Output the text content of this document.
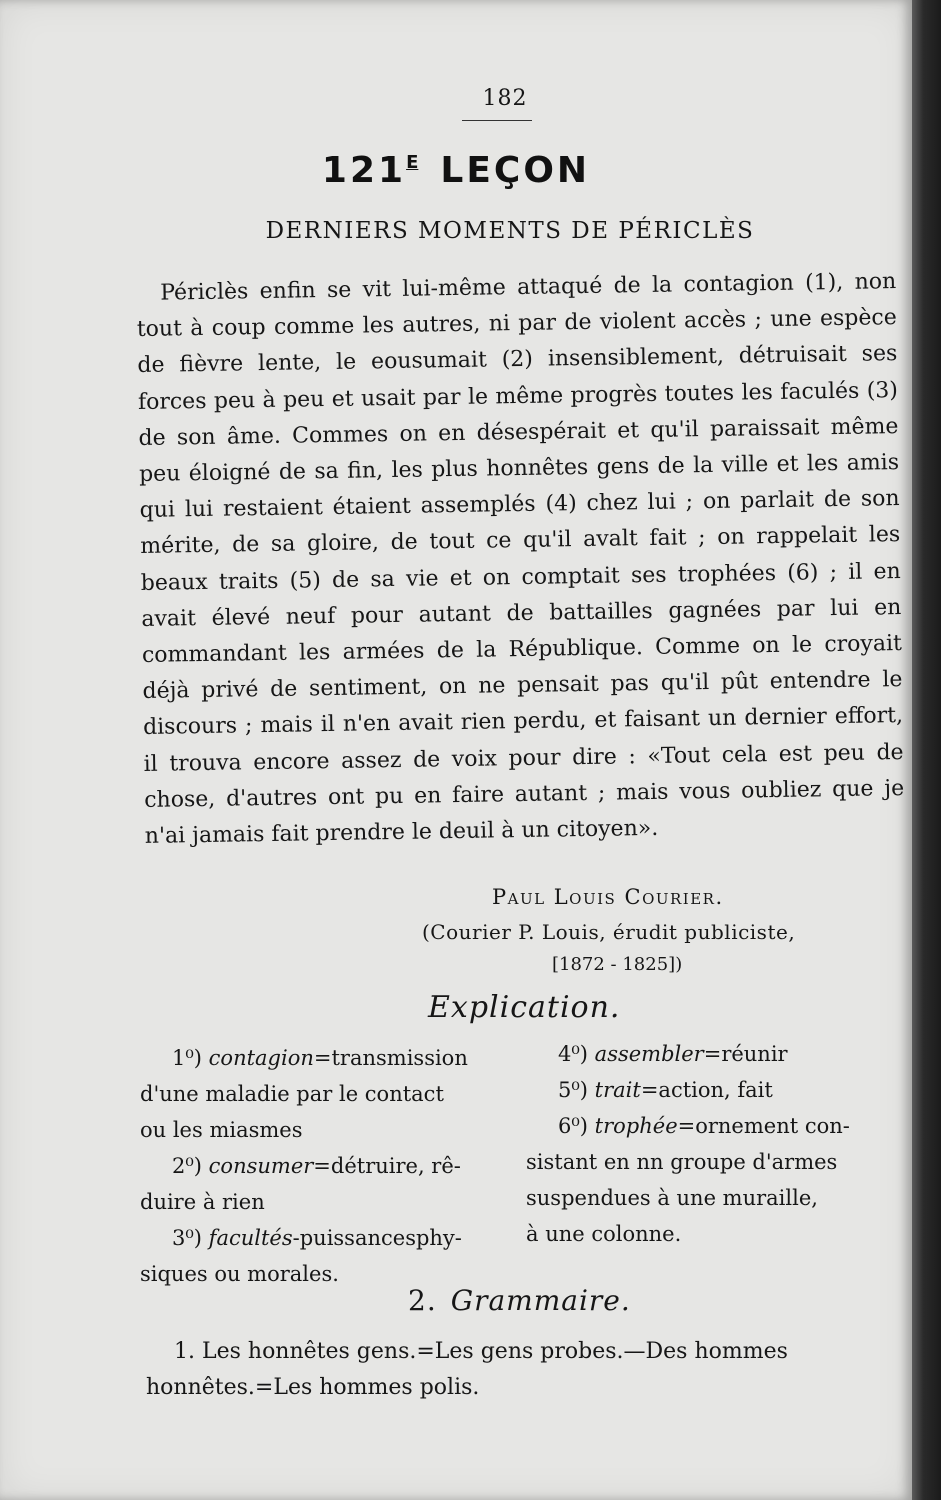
182
$121^E$ LEÇON
DERNIERS MOMENTS DE PÉRICLÈS

Périclès enfin se vit lui-même attaqué de la contagion (1), non tout à coup comme les autres, ni par de violent accès ; une espèce de fièvre lente, le eousumait (2) insensiblement, détruisait ses forces peu à peu et usait par le même progrès toutes les faculés (3) de son âme. Commes on en désespérait et qu'il paraissait même peu éloigné de sa fin, les plus honnêtes gens de la ville et les amis qui lui restaient étaient assemplés (4) chez lui ; on parlait de son mérite, de sa gloire, de tout ce qu'il avalt fait ; on rappelait les beaux traits (5) de sa vie et on comptait ses trophées (6) ; il en avait élevé neuf pour autant de battailles gagnées par lui en commandant les armées de la République. Comme on le croyait déjà privé de sentiment, on ne pensait pas qu'il pût entendre le discours ; mais il n'en avait rien perdu, et faisant un dernier effort, il trouva encore assez de voix pour dire : «Tout cela est peu de chose, d'autres ont pu en faire autant ; mais vous oubliez que je n'ai jamais fait prendre le deuil à un citoyen».

Paul Louis Courier.
(Courier P. Louis, érudit publiciste,
[1872 - 1825])
Explication.
1⁰) contagion=transmission
d'une maladie par le contact
ou les miasmes
2⁰) consumer=détruire, rê-
duire à rien
3⁰) facultés-puissancesphy-
siques ou morales.
4⁰) assembler=réunir
5⁰) trait=action, fait
6⁰) trophée=ornement con-
sistant en nn groupe d'armes
suspendues à une muraille,
à une colonne.
2. Grammaire.
1. Les honnêtes gens.=Les gens probes.—Des hommes honnêtes.=Les hommes polis.
